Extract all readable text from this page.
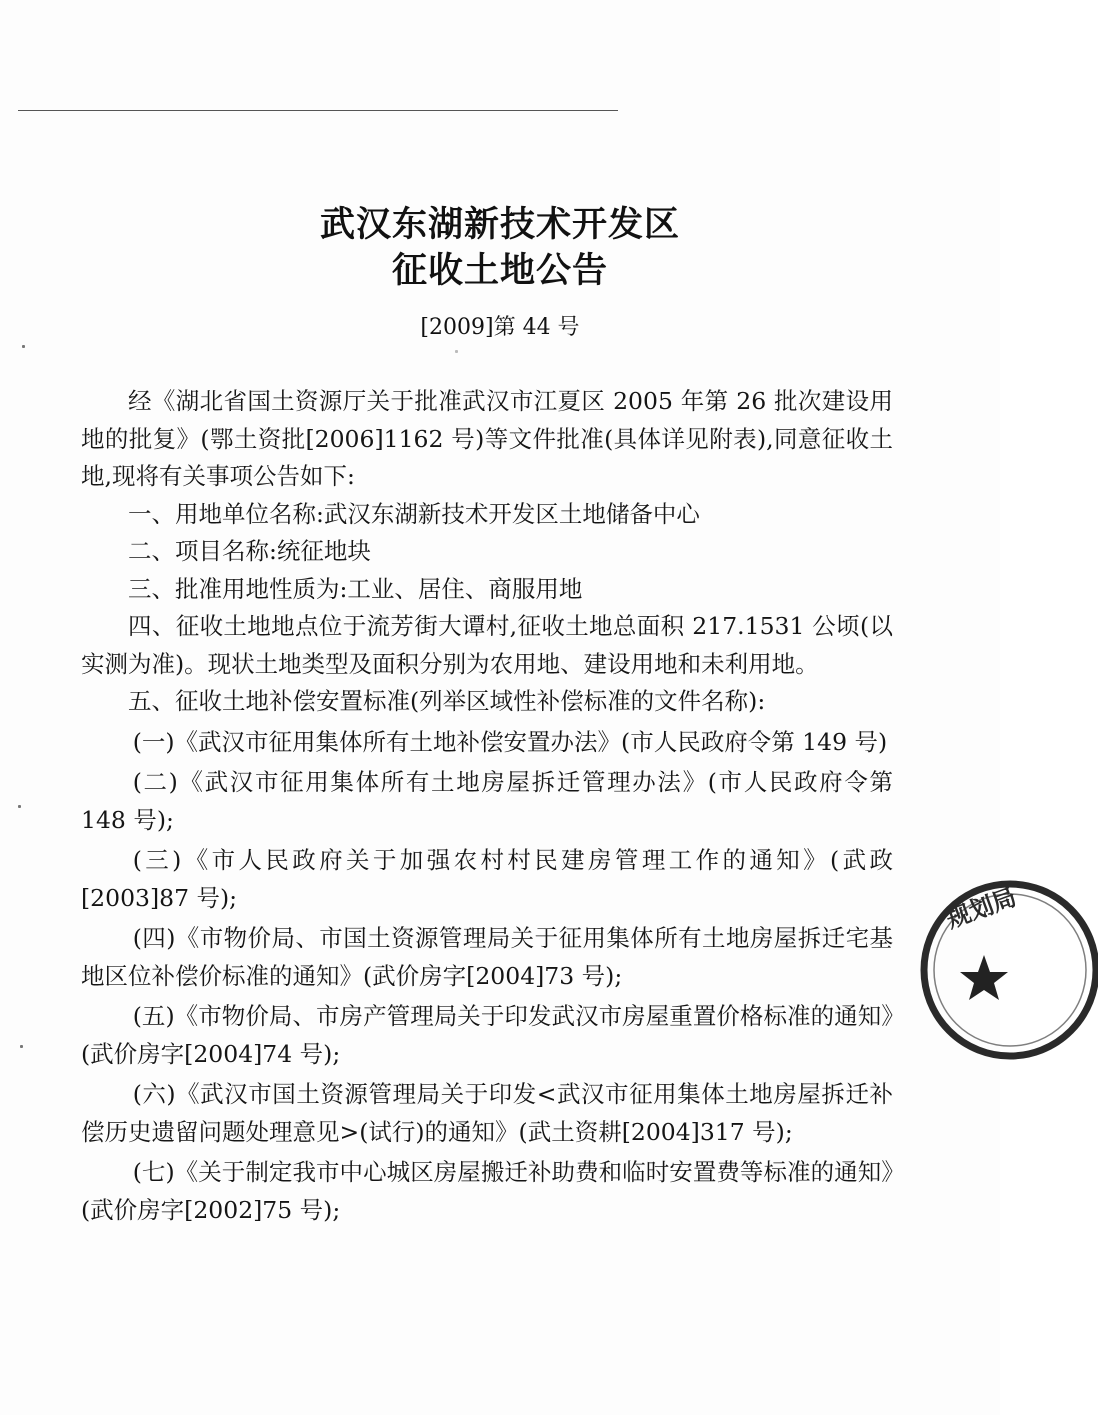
武汉东湖新技术开发区
征收土地公告
[2009]第 44 号

经《湖北省国土资源厅关于批准武汉市江夏区 2005 年第 26 批次建设用地的批复》(鄂土资批[2006]1162 号)等文件批准(具体详见附表),同意征收土地,现将有关事项公告如下:

一、用地单位名称:武汉东湖新技术开发区土地储备中心

二、项目名称:统征地块

三、批准用地性质为:工业、居住、商服用地

四、征收土地地点位于流芳街大谭村,征收土地总面积 217.1531 公顷(以实测为准)。现状土地类型及面积分别为农用地、建设用地和未利用地。

五、征收土地补偿安置标准(列举区域性补偿标准的文件名称):

(一)《武汉市征用集体所有土地补偿安置办法》(市人民政府令第 149 号)

(二)《武汉市征用集体所有土地房屋拆迁管理办法》(市人民政府令第 148 号);

(三)《市人民政府关于加强农村村民建房管理工作的通知》(武政[2003]87 号);

(四)《市物价局、市国土资源管理局关于征用集体所有土地房屋拆迁宅基地区位补偿价标准的通知》(武价房字[2004]73 号);

(五)《市物价局、市房产管理局关于印发武汉市房屋重置价格标准的通知》(武价房字[2004]74 号);

(六)《武汉市国土资源管理局关于印发<武汉市征用集体土地房屋拆迁补偿历史遗留问题处理意见>(试行)的通知》(武土资耕[2004]317 号);

(七)《关于制定我市中心城区房屋搬迁补助费和临时安置费等标准的通知》(武价房字[2002]75 号);

规划局
